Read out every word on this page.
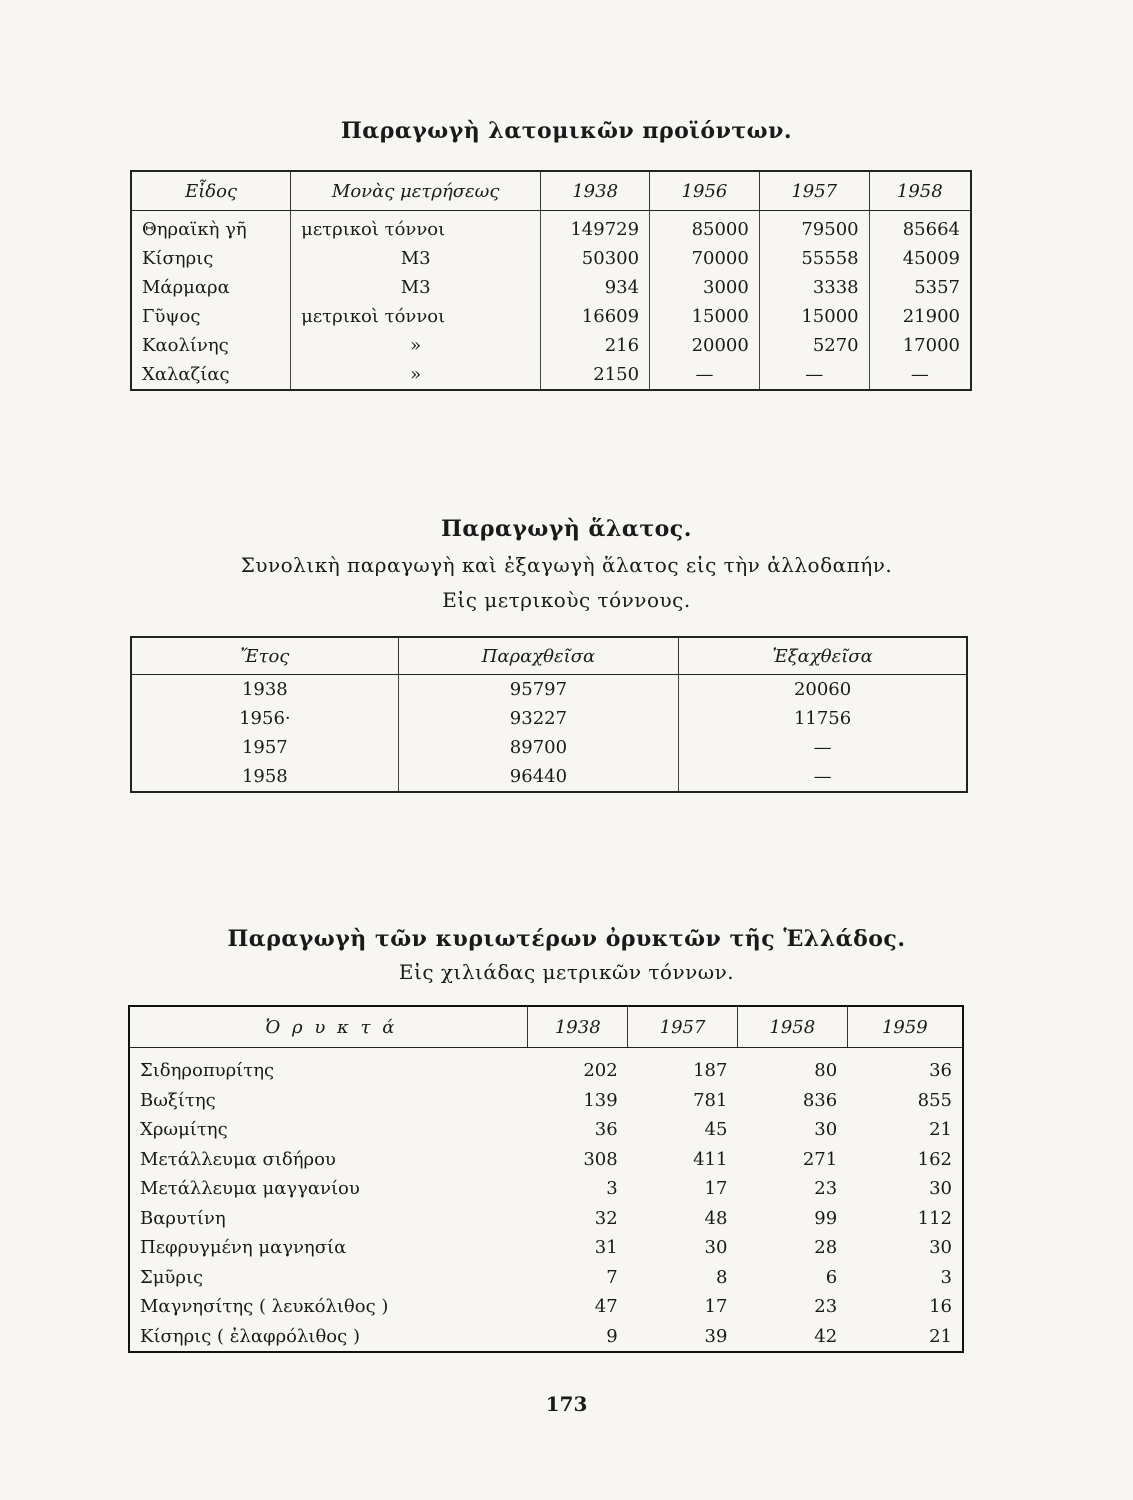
Παραγωγὴ λατομικῶν προϊόντων.
Εἶδος	Μονὰς μετρήσεως	1938	1956	1957	1958
Θηραϊκὴ γῆ	μετρικοὶ τόννοι	149729	85000	79500	85664
Κίσηρις	M3	50300	70000	55558	45009
Μάρμαρα	M3	934	3000	3338	5357
Γῦψος	μετρικοὶ τόννοι	16609	15000	15000	21900
Καολίνης	»	216	20000	5270	17000
Χαλαζίας	»	2150	—	—	—
Παραγωγὴ ἅλατος.
Συνολικὴ παραγωγὴ καὶ ἐξαγωγὴ ἅλατος εἰς τὴν ἀλλοδαπήν.
Εἰς μετρικοὺς τόννους.
Ἔτος	Παραχθεῖσα	Ἐξαχθεῖσα
1938	95797	20060
1956·	93227	11756
1957	89700	—
1958	96440	—
Παραγωγὴ τῶν κυριωτέρων ὀρυκτῶν τῆς Ἑλλάδος.
Εἰς χιλιάδας μετρικῶν τόννων.
Ὀ ρ υ κ τ ά	1938	1957	1958	1959
Σιδηροπυρίτης	202	187	80	36
Βωξίτης	139	781	836	855
Χρωμίτης	36	45	30	21
Μετάλλευμα σιδήρου	308	411	271	162
Μετάλλευμα μαγγανίου	3	17	23	30
Βαρυτίνη	32	48	99	112
Πεφρυγμένη μαγνησία	31	30	28	30
Σμῦρις	7	8	6	3
Μαγνησίτης ( λευκόλιθος )	47	17	23	16
Κίσηρις ( ἐλαφρόλιθος )	9	39	42	21
173
